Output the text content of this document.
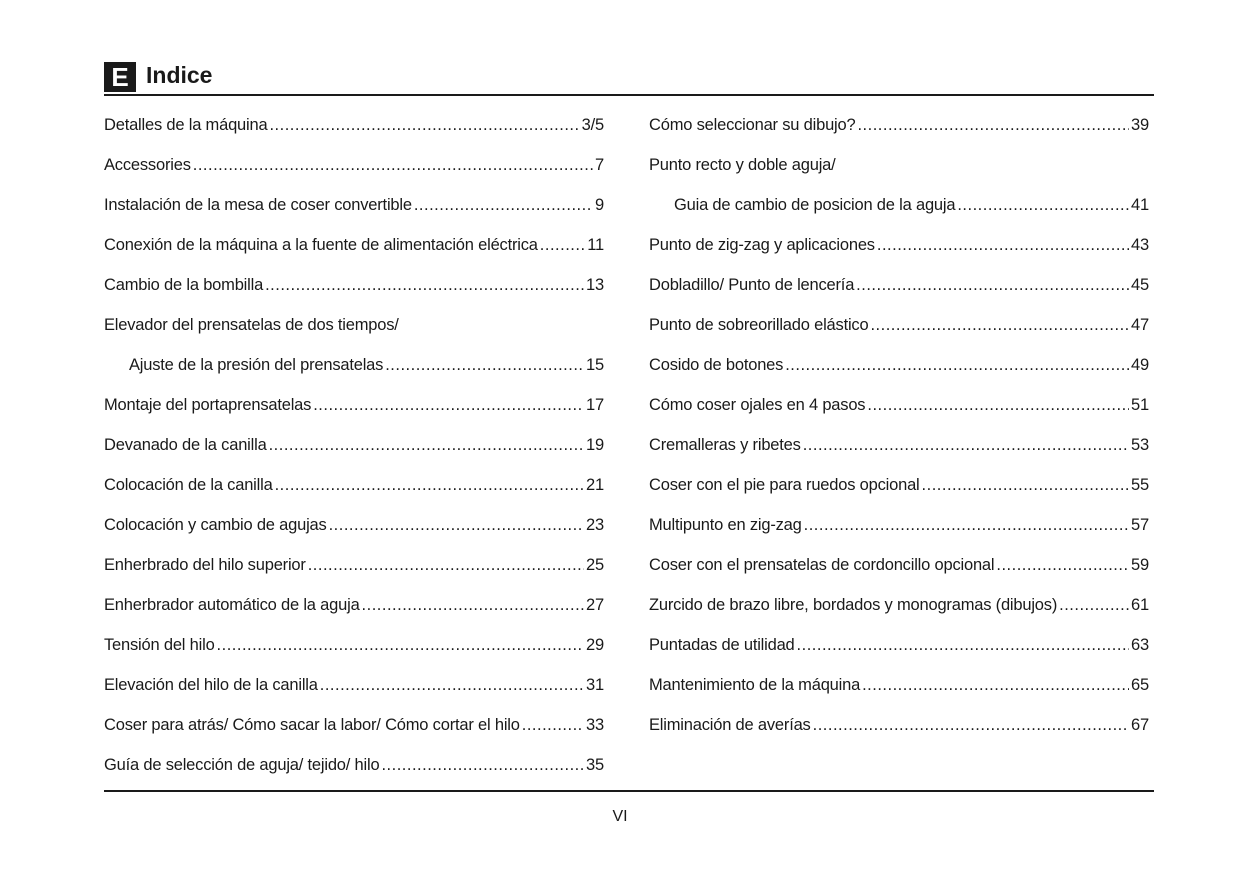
E Indice
Detalles de la máquina .....	3/5
Accessories .....	7
Instalación de la mesa de coser convertible .....	9
Conexión de la máquina a la fuente de alimentación eléctrica .....	11
Cambio de la bombilla .....	13
Elevador del prensatelas de dos tiempos/
Ajuste de la presión del prensatelas .....	15
Montaje del portaprensatelas .....	17
Devanado de la canilla .....	19
Colocación de la canilla .....	21
Colocación y cambio de agujas .....	23
Enherbrado del hilo superior .....	25
Enherbrador automático de la aguja .....	27
Tensión del hilo .....	29
Elevación del hilo de la canilla .....	31
Coser para atrás/ Cómo sacar la labor/ Cómo cortar el hilo .....	33
Guía de selección de aguja/ tejido/ hilo .....	35
Cómo seleccionar su dibujo? .....	39
Punto recto y doble aguja/
Guia de cambio de posicion de la aguja .....	41
Punto de zig-zag y aplicaciones .....	43
Dobladillo/ Punto de lencería .....	45
Punto de sobreorillado elástico .....	47
Cosido de botones .....	49
Cómo coser ojales en 4 pasos .....	51
Cremalleras y ribetes .....	53
Coser con el pie para ruedos opcional .....	55
Multipunto en zig-zag .....	57
Coser con el prensatelas de cordoncillo opcional .....	59
Zurcido de brazo libre, bordados y monogramas (dibujos) .....	61
Puntadas de utilidad .....	63
Mantenimiento de la máquina .....	65
Eliminación de averías .....	67
VI
